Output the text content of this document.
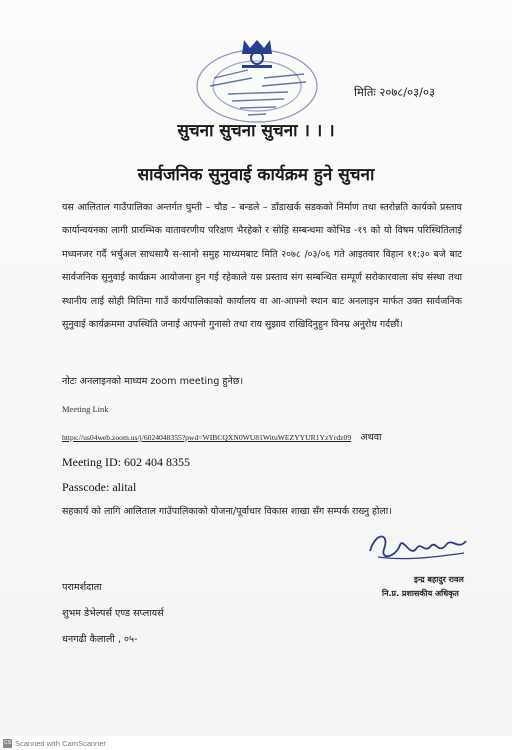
मितिः २०७८/०३/०३
सुचना सुचना सुचना । । ।
सार्वजनिक सुनुवाई कार्यक्रम हुने सुचना
यस आलिताल गाउँपालिका अन्तर्गत घुम्ती – चौड – बन्डले – डाँडाखर्क सडकको निर्माण तथा स्तरोन्नति कार्यको प्रस्ताव कार्यान्वयनका लागी प्रारम्भिक वातावरणीय परिक्षण भैरहेको र सोहि सम्बन्धमा कोभिड -१९ को यो विषम परिस्थितिलाई मध्यनजर गर्दै भर्चुअल साधसायै स-सानो समुह माध्यमबाट मिति २०७८ /०३/०६ गते आइतवार विहान ११:३० बजे बाट सार्वजनिक सुनुवाई कार्यक्रम आयोजना हुन गई रहेकाले यस प्रस्ताव संग सम्बन्धित सम्पूर्ण सरोकारवाला संघ संस्था तथा स्थानीय लाई सोही मितिमा गाउँ कार्यपालिकाको कार्यालय वा आ-आफ्नो स्थान बाट अनलाइन मार्फत उक्त सार्वजनिक सुनुवाई कार्यक्रममा उपस्थिति जनाई आफ्नो गुनासो तथा राय सुझाव राखिदिनुहुन विनम्र अनुरोध गर्दछौं।
नोटः अनलाइनको माध्यम zoom meeting हुनेछ।
Meeting Link
https://us04web.zoom.us/j/6024048355?pwd=WIBCQXN0WU81WituWEZYYUR1YzYrdz09 अथवा
Meeting ID: 602 404 8355
Passcode: alital
सहकार्य को लागि आलिताल गाउँपालिकाको योजना/पूर्वाधार विकास शाखा सँग सम्पर्क राख्नु होला।
इन्द्र बहादुर रावल
नि.प्र. प्रशासकीय अधिकृत
परामर्शदाता
शुभम डेभेल्पर्स एण्ड सप्लायर्स
धनगढी कैलाली , ०५-
CS Scanned with CamScanner
